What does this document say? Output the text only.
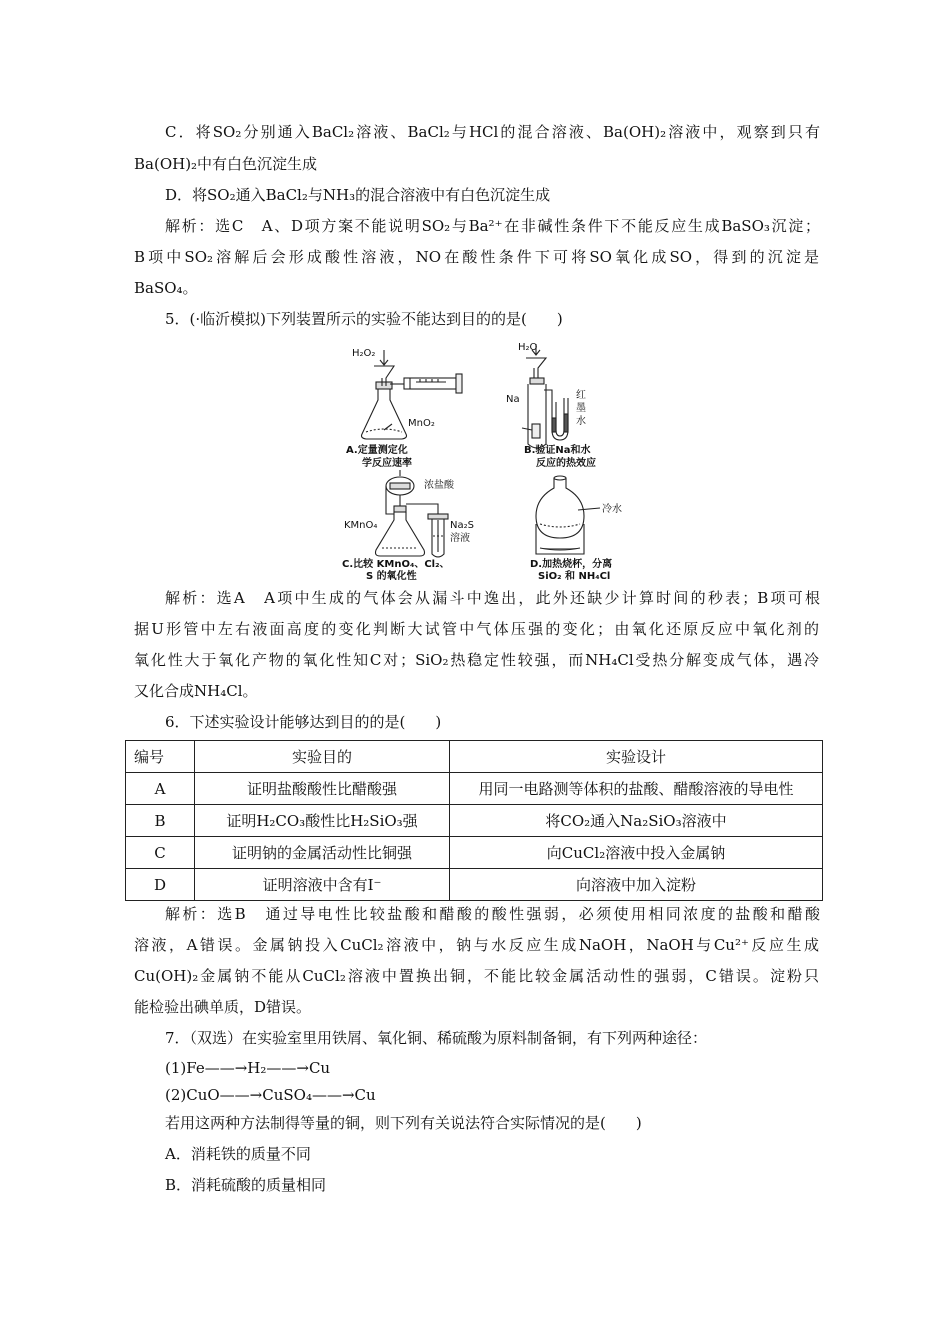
C．将SO₂分别通入BaCl₂溶液、BaCl₂与HCl的混合溶液、Ba(OH)₂溶液中，观察到只有
Ba(OH)₂中有白色沉淀生成
D．将SO₂通入BaCl₂与NH₃的混合溶液中有白色沉淀生成
解析：选C　A、D项方案不能说明SO₂与Ba²⁺在非碱性条件下不能反应生成BaSO₃沉淀；
B项中SO₂溶解后会形成酸性溶液，NO在酸性条件下可将SO氧化成SO，得到的沉淀是
BaSO₄。
5．(·临沂模拟)下列装置所示的实验不能达到目的的是(　　)
H₂O₂
MnO₂
A.定量测定化
学反应速率
H₂O
Na	红
墨
水
B.验证Na和水
反应的热效应
浓盐酸
KMnO₄	Na₂S
溶液
C.比较 KMnO₄、Cl₂、
S 的氧化性
冷水
D.加热烧杯，分离
SiO₂ 和 NH₄Cl
解析：选A　A项中生成的气体会从漏斗中逸出，此外还缺少计算时间的秒表；B项可根
据U形管中左右液面高度的变化判断大试管中气体压强的变化；由氧化还原反应中氧化剂的
氧化性大于氧化产物的氧化性知C对；SiO₂热稳定性较强，而NH₄Cl受热分解变成气体，遇冷
又化合成NH₄Cl。
6．下述实验设计能够达到目的的是(　　)
编号	实验目的	实验设计
A	证明盐酸酸性比醋酸强	用同一电路测等体积的盐酸、醋酸溶液的导电性
B	证明H₂CO₃酸性比H₂SiO₃强	将CO₂通入Na₂SiO₃溶液中
C	证明钠的金属活动性比铜强	向CuCl₂溶液中投入金属钠
D	证明溶液中含有I⁻	向溶液中加入淀粉
解析：选B　通过导电性比较盐酸和醋酸的酸性强弱，必须使用相同浓度的盐酸和醋酸
溶液，A错误。金属钠投入CuCl₂溶液中，钠与水反应生成NaOH，NaOH与Cu²⁺反应生成
Cu(OH)₂金属钠不能从CuCl₂溶液中置换出铜，不能比较金属活动性的强弱，C错误。淀粉只
能检验出碘单质，D错误。
7．（双选）在实验室里用铁屑、氧化铜、稀硫酸为原料制备铜，有下列两种途径：
(1)Fe——→H₂——→Cu
(2)CuO——→CuSO₄——→Cu
若用这两种方法制得等量的铜，则下列有关说法符合实际情况的是(　　)
A．消耗铁的质量不同
B．消耗硫酸的质量相同
